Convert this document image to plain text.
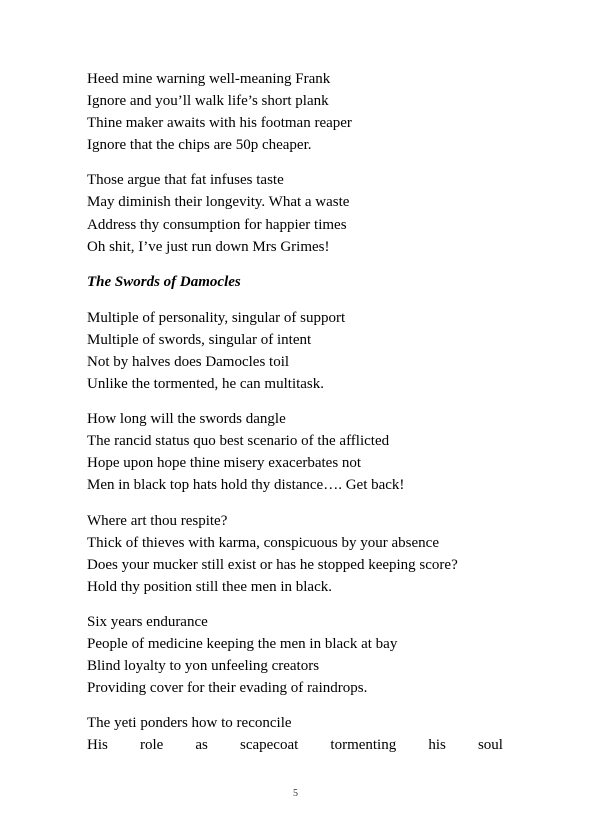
Heed mine warning well-meaning Frank
Ignore and you’ll walk life’s short plank
Thine maker awaits with his footman reaper
Ignore that the chips are 50p cheaper.
Those argue that fat infuses taste
May diminish their longevity. What a waste
Address thy consumption for happier times
Oh shit, I’ve just run down Mrs Grimes!
The Swords of Damocles
Multiple of personality, singular of support
Multiple of swords, singular of intent
Not by halves does Damocles toil
Unlike the tormented, he can multitask.
How long will the swords dangle
The rancid status quo best scenario of the afflicted
Hope upon hope thine misery exacerbates not
Men in black top hats hold thy distance…. Get back!
Where art thou respite?
Thick of thieves with karma, conspicuous by your absence
Does your mucker still exist or has he stopped keeping score?
Hold thy position still thee men in black.
Six years endurance
People of medicine keeping the men in black at bay
Blind loyalty to yon unfeeling creators
Providing cover for their evading of raindrops.
The yeti ponders how to reconcile
His role as scapecoat tormenting his soul
5
